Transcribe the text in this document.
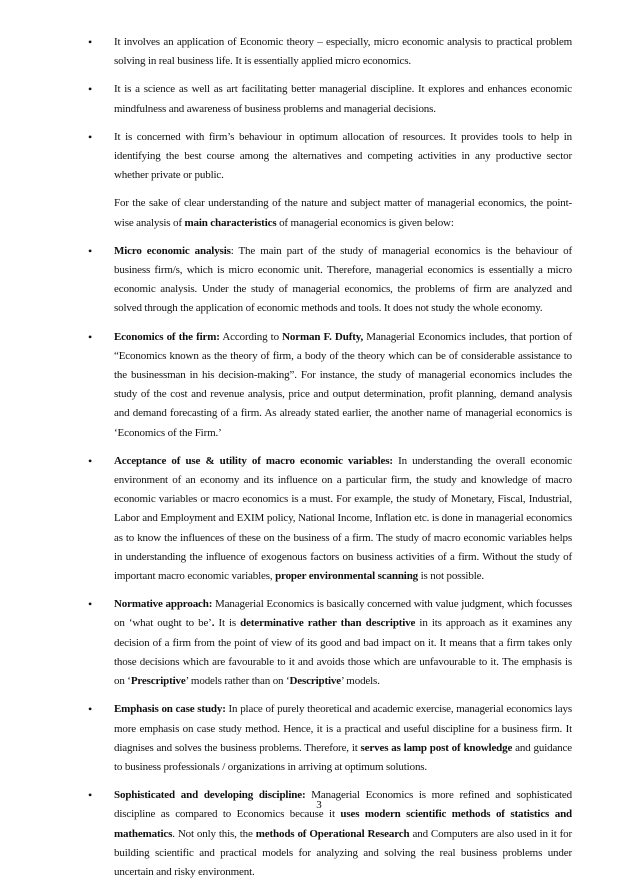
• It involves an application of Economic theory – especially, micro economic analysis to practical problem solving in real business life. It is essentially applied micro economics.
• It is a science as well as art facilitating better managerial discipline. It explores and enhances economic mindfulness and awareness of business problems and managerial decisions.
• It is concerned with firm’s behaviour in optimum allocation of resources. It provides tools to help in identifying the best course among the alternatives and competing activities in any productive sector whether private or public.
For the sake of clear understanding of the nature and subject matter of managerial economics, the point-wise analysis of main characteristics of managerial economics is given below:
• Micro economic analysis: The main part of the study of managerial economics is the behaviour of business firm/s, which is micro economic unit. Therefore, managerial economics is essentially a micro economic analysis. Under the study of managerial economics, the problems of firm are analyzed and solved through the application of economic methods and tools. It does not study the whole economy.
• Economics of the firm: According to Norman F. Dufty, Managerial Economics includes, that portion of “Economics known as the theory of firm, a body of the theory which can be of considerable assistance to the businessman in his decision-making”. For instance, the study of managerial economics includes the study of the cost and revenue analysis, price and output determination, profit planning, demand analysis and demand forecasting of a firm. As already stated earlier, the another name of managerial economics is ‘Economics of the Firm.’
• Acceptance of use & utility of macro economic variables: In understanding the overall economic environment of an economy and its influence on a particular firm, the study and knowledge of macro economic variables or macro economics is a must. For example, the study of Monetary, Fiscal, Industrial, Labor and Employment and EXIM policy, National Income, Inflation etc. is done in managerial economics as to know the influences of these on the business of a firm. The study of macro economic variables helps in understanding the influence of exogenous factors on business activities of a firm. Without the study of important macro economic variables, proper environmental scanning is not possible.
• Normative approach: Managerial Economics is basically concerned with value judgment, which focusses on ‘what ought to be’. It is determinative rather than descriptive in its approach as it examines any decision of a firm from the point of view of its good and bad impact on it. It means that a firm takes only those decisions which are favourable to it and avoids those which are unfavourable to it. The emphasis is on ‘Prescriptive’ models rather than on ‘Descriptive’ models.
• Emphasis on case study: In place of purely theoretical and academic exercise, managerial economics lays more emphasis on case study method. Hence, it is a practical and useful discipline for a business firm. It diagnises and solves the business problems. Therefore, it serves as lamp post of knowledge and guidance to business professionals / organizations in arriving at optimum solutions.
• Sophisticated and developing discipline: Managerial Economics is more refined and sophisticated discipline as compared to Economics because it uses modern scientific methods of statistics and mathematics. Not only this, the methods of Operational Research and Computers are also used in it for building scientific and practical models for analyzing and solving the real business problems under uncertain and risky environment.
3
